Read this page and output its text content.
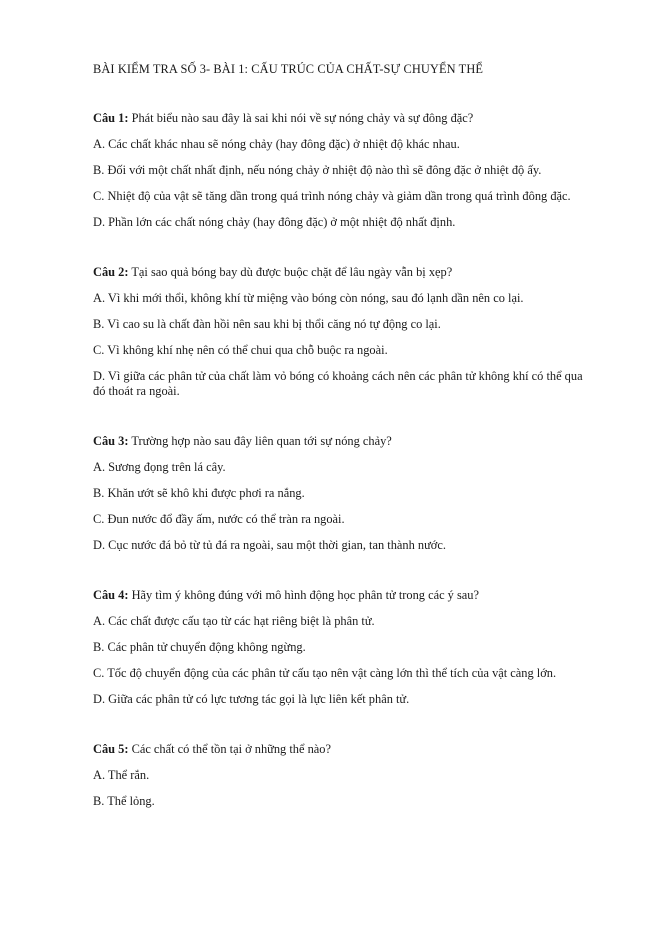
BÀI KIỂM TRA SỐ 3- BÀI 1: CẤU TRÚC CỦA CHẤT-SỰ CHUYỂN THỂ

Câu 1: Phát biểu nào sau đây là sai khi nói về sự nóng chảy và sự đông đặc?

A. Các chất khác nhau sẽ nóng chảy (hay đông đặc) ở nhiệt độ khác nhau.

B. Đối với một chất nhất định, nếu nóng chảy ở nhiệt độ nào thì sẽ đông đặc ở nhiệt độ ấy.

C. Nhiệt độ của vật sẽ tăng dần trong quá trình nóng chảy và giảm dần trong quá trình đông đặc.

D. Phần lớn các chất nóng chảy (hay đông đặc) ở một nhiệt độ nhất định.

Câu 2: Tại sao quả bóng bay dù được buộc chặt để lâu ngày vẫn bị xẹp?

A. Vì khi mới thổi, không khí từ miệng vào bóng còn nóng, sau đó lạnh dần nên co lại.

B. Vì cao su là chất đàn hồi nên sau khi bị thổi căng nó tự động co lại.

C. Vì không khí nhẹ nên có thể chui qua chỗ buộc ra ngoài.

D. Vì giữa các phân tử của chất làm vỏ bóng có khoảng cách nên các phân tử không khí có thể qua đó thoát ra ngoài.

Câu 3: Trường hợp nào sau đây liên quan tới sự nóng chảy?

A. Sương đọng trên lá cây.

B. Khăn ướt sẽ khô khi được phơi ra nắng.

C. Đun nước đổ đầy ấm, nước có thể tràn ra ngoài.

D. Cục nước đá bỏ từ tủ đá ra ngoài, sau một thời gian, tan thành nước.

Câu 4: Hãy tìm ý không đúng với mô hình động học phân tử trong các ý sau?

A. Các chất được cấu tạo từ các hạt riêng biệt là phân tử.

B. Các phân tử chuyển động không ngừng.

C. Tốc độ chuyển động của các phân tử cấu tạo nên vật càng lớn thì thể tích của vật càng lớn.

D. Giữa các phân tử có lực tương tác gọi là lực liên kết phân tử.

Câu 5: Các chất có thể tồn tại ở những thể nào?

A. Thể rắn.

B. Thể lỏng.
